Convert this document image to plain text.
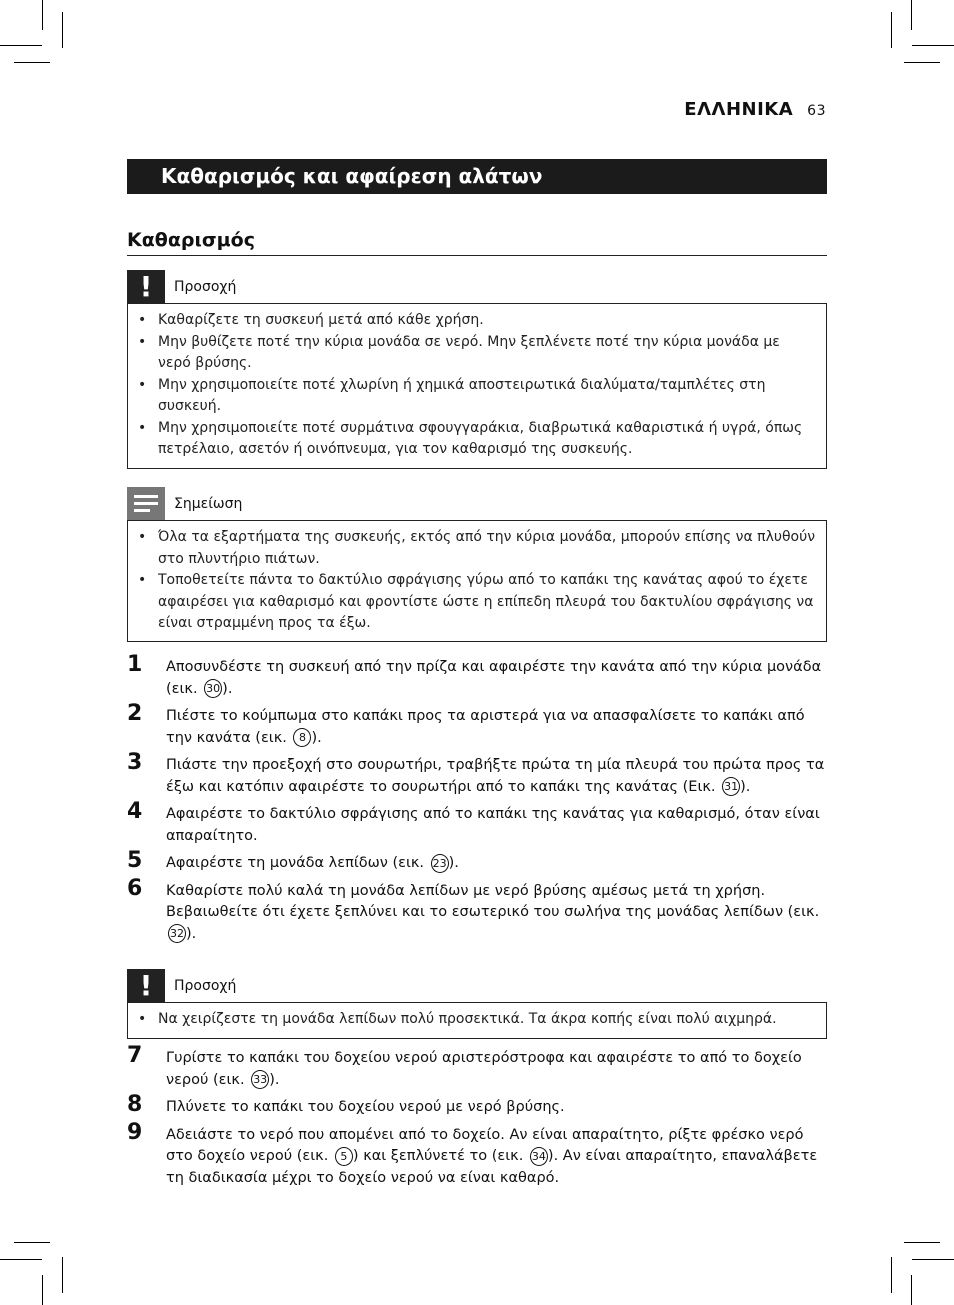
ΕΛΛΗΝΙΚΑ 63
Καθαρισμός και αφαίρεση αλάτων
Καθαρισμός
!	Προσοχή
• Καθαρίζετε τη συσκευή μετά από κάθε χρήση.
• Μην βυθίζετε ποτέ την κύρια μονάδα σε νερό. Μην ξεπλένετε ποτέ την κύρια μονάδα με νερό βρύσης.
• Μην χρησιμοποιείτε ποτέ χλωρίνη ή χημικά αποστειρωτικά διαλύματα/ταμπλέτες στη συσκευή.
• Μην χρησιμοποιείτε ποτέ συρμάτινα σφουγγαράκια, διαβρωτικά καθαριστικά ή υγρά, όπως πετρέλαιο, ασετόν ή οινόπνευμα, για τον καθαρισμό της συσκευής.
Σημείωση
• Όλα τα εξαρτήματα της συσκευής, εκτός από την κύρια μονάδα, μπορούν επίσης να πλυθούν στο πλυντήριο πιάτων.
• Τοποθετείτε πάντα το δακτύλιο σφράγισης γύρω από το καπάκι της κανάτας αφού το έχετε αφαιρέσει για καθαρισμό και φροντίστε ώστε η επίπεδη πλευρά του δακτυλίου σφράγισης να είναι στραμμένη προς τα έξω.
1 Αποσυνδέστε τη συσκευή από την πρίζα και αφαιρέστε την κανάτα από την κύρια μονάδα (εικ. 30 ).
2 Πιέστε το κούμπωμα στο καπάκι προς τα αριστερά για να απασφαλίσετε το καπάκι από την κανάτα (εικ. 8 ).
3 Πιάστε την προεξοχή στο σουρωτήρι, τραβήξτε πρώτα τη μία πλευρά του πρώτα προς τα έξω και κατόπιν αφαιρέστε το σουρωτήρι από το καπάκι της κανάτας (Εικ. 31 ).
4 Αφαιρέστε το δακτύλιο σφράγισης από το καπάκι της κανάτας για καθαρισμό, όταν είναι απαραίτητο.
5 Αφαιρέστε τη μονάδα λεπίδων (εικ. 23 ).
6 Καθαρίστε πολύ καλά τη μονάδα λεπίδων με νερό βρύσης αμέσως μετά τη χρήση. Βεβαιωθείτε ότι έχετε ξεπλύνει και το εσωτερικό του σωλήνα της μονάδας λεπίδων (εικ. 32 ).
!	Προσοχή
• Να χειρίζεστε τη μονάδα λεπίδων πολύ προσεκτικά. Τα άκρα κοπής είναι πολύ αιχμηρά.
7 Γυρίστε το καπάκι του δοχείου νερού αριστερόστροφα και αφαιρέστε το από το δοχείο νερού (εικ. 33 ).
8 Πλύνετε το καπάκι του δοχείου νερού με νερό βρύσης.
9 Αδειάστε το νερό που απομένει από το δοχείο. Αν είναι απαραίτητο, ρίξτε φρέσκο νερό στο δοχείο νερού (εικ. 5 ) και ξεπλύνετέ το (εικ. 34 ). Αν είναι απαραίτητο, επαναλάβετε τη διαδικασία μέχρι το δοχείο νερού να είναι καθαρό.
